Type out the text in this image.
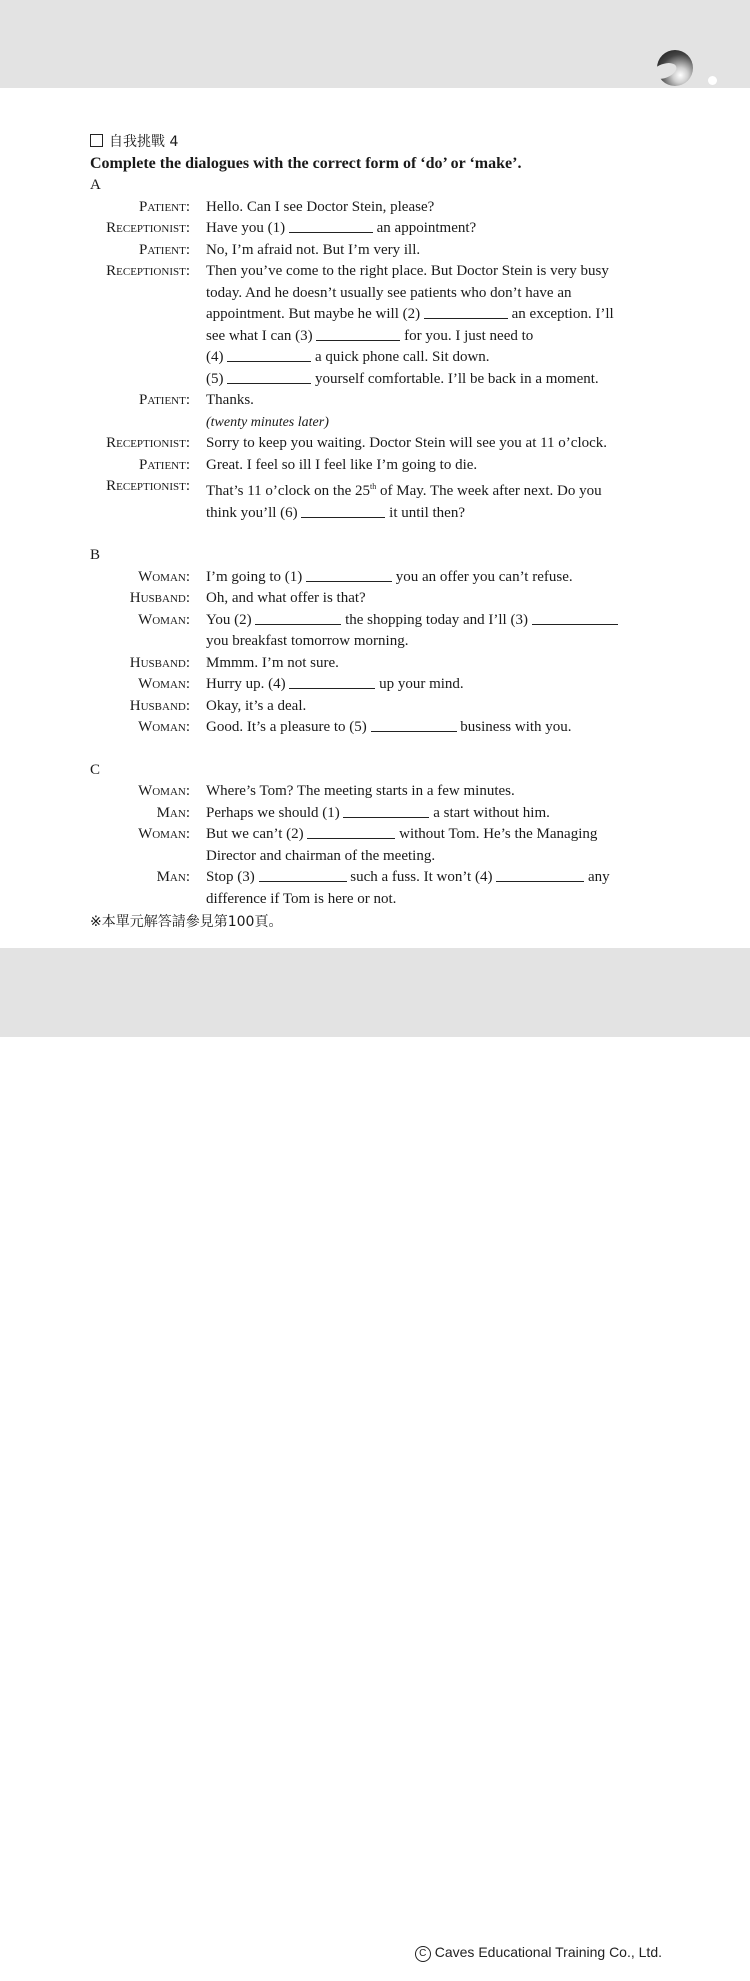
自我挑戰 4
Complete the dialogues with the correct form of ‘do’ or ‘make’.
A
Patient:	Hello. Can I see Doctor Stein, please?
Receptionist:	Have you (1)	an appointment?
Patient:	No, I’m afraid not. But I’m very ill.
Receptionist:	Then you’ve come to the right place. But Doctor Stein is very busy
today. And he doesn’t usually see patients who don’t have an
appointment. But maybe he will (2)	an exception. I’ll
see what I can (3)	for you. I just need to
(4)	a quick phone call. Sit down.
(5)	yourself comfortable. I’ll be back in a moment.
Patient:	Thanks.
(twenty minutes later)
Receptionist:	Sorry to keep you waiting. Doctor Stein will see you at 11 o’clock.
Patient:	Great. I feel so ill I feel like I’m going to die.
Receptionist:	That’s 11 o’clock on the 25th of May. The week after next. Do you
think you’ll (6)	it until then?
B
Woman:	I’m going to (1)	you an offer you can’t refuse.
Husband:	Oh, and what offer is that?
Woman:	You (2)	the shopping today and I’ll (3)
you breakfast tomorrow morning.
Husband:	Mmmm. I’m not sure.
Woman:	Hurry up. (4)	up your mind.
Husband:	Okay, it’s a deal.
Woman:	Good. It’s a pleasure to (5)	business with you.
C
Woman:	Where’s Tom? The meeting starts in a few minutes.
Man:	Perhaps we should (1)	a start without him.
Woman:	But we can’t (2)	without Tom. He’s the Managing
Director and chairman of the meeting.
Man:	Stop (3)	such a fuss. It won’t (4)	any
difference if Tom is here or not.
※本單元解答請參見第100頁。
C Caves Educational Training Co., Ltd. 17
